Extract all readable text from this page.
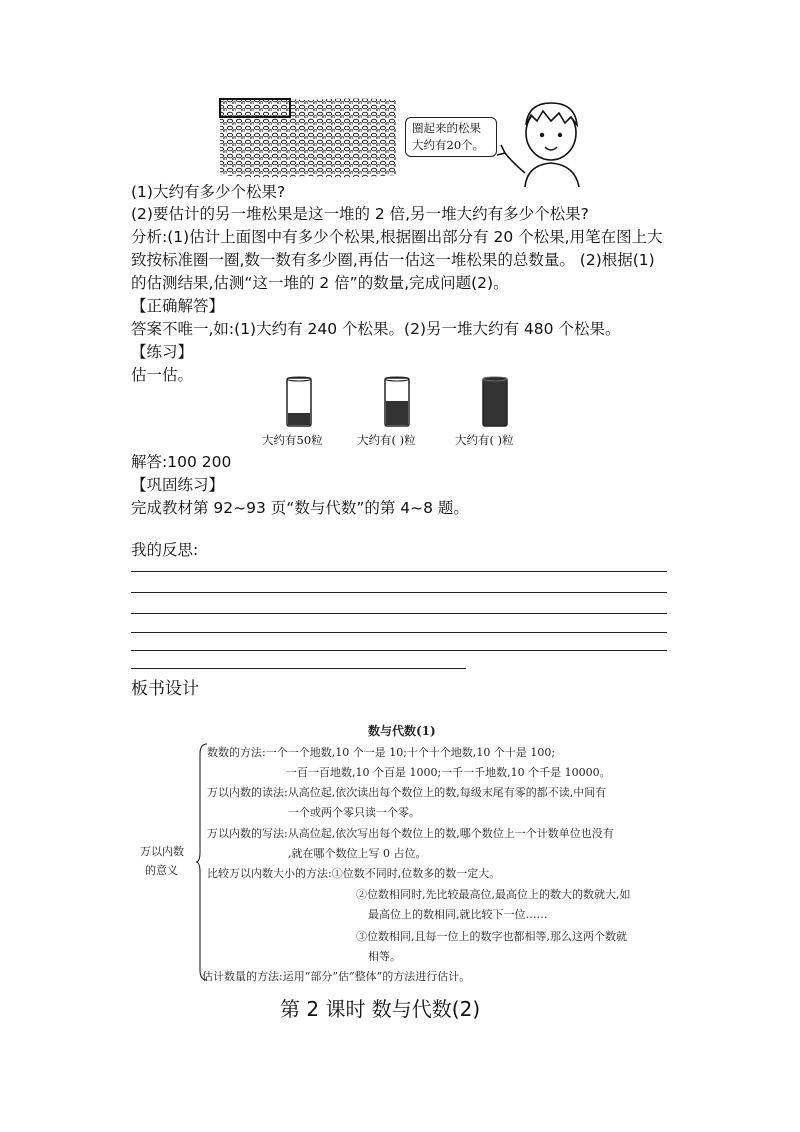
圈起来的松果
大约有20个。
(1)大约有多少个松果?
(2)要估计的另一堆松果是这一堆的 2 倍,另一堆大约有多少个松果?
分析:(1)估计上面图中有多少个松果,根据圈出部分有 20 个松果,用笔在图上大
致按标准圈一圈,数一数有多少圈,再估一估这一堆松果的总数量。 (2)根据(1)
的估测结果,估测“这一堆的 2 倍”的数量,完成问题(2)。
【正确解答】
答案不唯一,如:(1)大约有 240 个松果。(2)另一堆大约有 480 个松果。
【练习】
估一估。
大约有50粒	大约有( )粒	大约有( )粒
解答:100 200
【巩固练习】
完成教材第 92~93 页“数与代数”的第 4~8 题。
我的反思:
板书设计
数与代数(1)
万以内数
的意义
数数的方法:一个一个地数,10 个一是 10;十个十个地数,10 个十是 100;
一百一百地数,10 个百是 1000;一千一千地数,10 个千是 10000。
万以内数的读法:从高位起,依次读出每个数位上的数,每级末尾有零的都不读,中间有
一个或两个零只读一个零。
万以内数的写法:从高位起,依次写出每个数位上的数,哪个数位上一个计数单位也没有
,就在哪个数位上写 0 占位。
比较万以内数大小的方法:①位数不同时,位数多的数一定大。
②位数相同时,先比较最高位,最高位上的数大的数就大,如
最高位上的数相同,就比较下一位……
③位数相同,且每一位上的数字也都相等,那么这两个数就
相等。
估计数量的方法:运用“部分”估“整体”的方法进行估计。
第 2 课时 数与代数(2)
